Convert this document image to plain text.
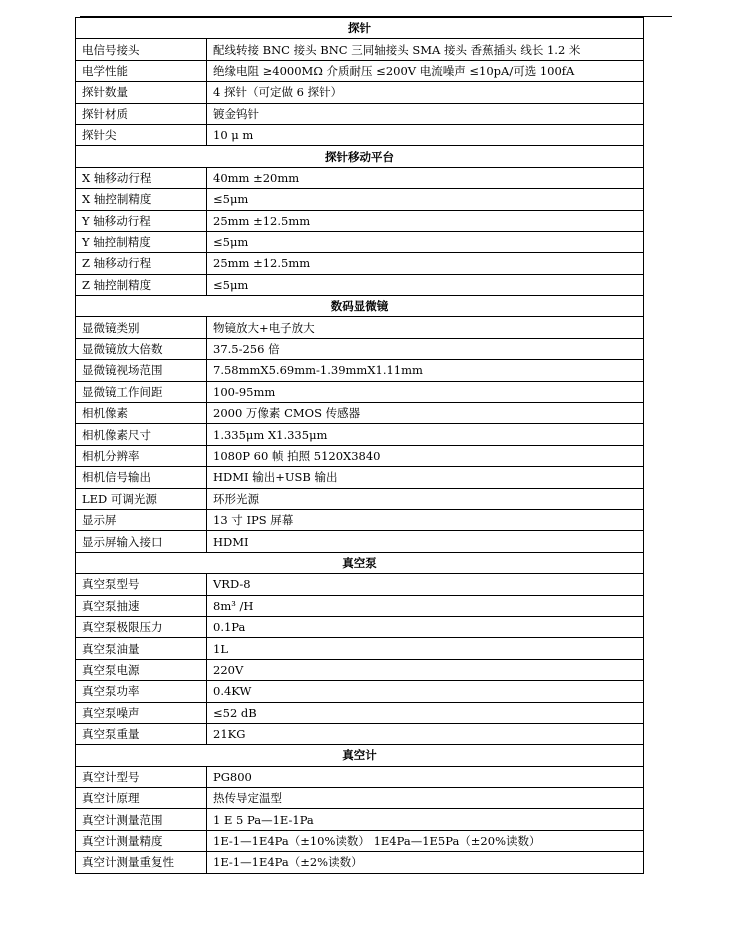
探针	
电信号接头	配线转接 BNC 接头 BNC 三同轴接头 SMA 接头 香蕉插头 线长 1.2 米
电学性能	绝缘电阻 ≥4000MΩ 介质耐压 ≤200V 电流噪声 ≤10pA/可选 100fA
探针数量	4 探针（可定做 6 探针）
探针材质	镀金钨针
探针尖	10 μ m
探针移动平台	
X 轴移动行程	40mm ±20mm
X 轴控制精度	≤5μm
Y 轴移动行程	25mm ±12.5mm
Y 轴控制精度	≤5μm
Z 轴移动行程	25mm ±12.5mm
Z 轴控制精度	≤5μm
数码显微镜	
显微镜类别	物镜放大+电子放大
显微镜放大倍数	37.5-256 倍
显微镜视场范围	7.58mmX5.69mm-1.39mmX1.11mm
显微镜工作间距	100-95mm
相机像素	2000 万像素 CMOS 传感器
相机像素尺寸	1.335μm X1.335μm
相机分辨率	1080P 60 帧 拍照 5120X3840
相机信号输出	HDMI 输出+USB 输出
LED 可调光源	环形光源
显示屏	13 寸 IPS 屏幕
显示屏输入接口	HDMI
真空泵	
真空泵型号	VRD-8
真空泵抽速	8m³ /H
真空泵极限压力	0.1Pa
真空泵油量	1L
真空泵电源	220V
真空泵功率	0.4KW
真空泵噪声	≤52 dB
真空泵重量	21KG
真空计	
真空计型号	PG800
真空计原理	热传导定温型
真空计测量范围	1 E 5 Pa—1E-1Pa
真空计测量精度	1E-1—1E4Pa（±10%读数） 1E4Pa—1E5Pa（±20%读数）
真空计测量重复性	1E-1—1E4Pa（±2%读数）
